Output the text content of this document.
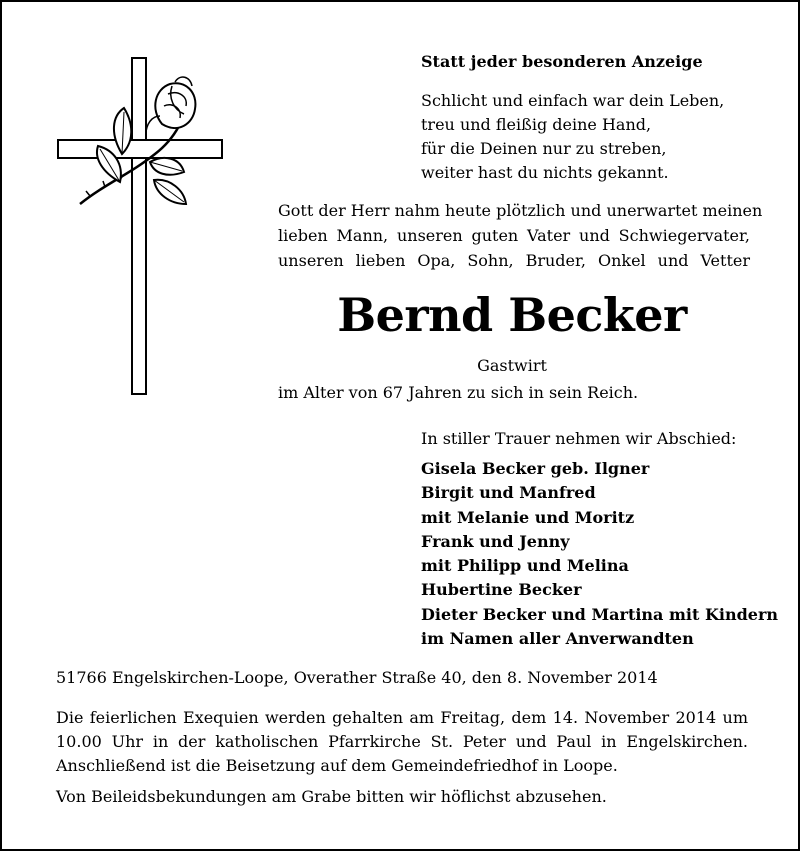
Statt jeder besonderen Anzeige
Schlicht und einfach war dein Leben,
treu und fleißig deine Hand,
für die Deinen nur zu streben,
weiter hast du nichts gekannt.
Gott der Herr nahm heute plötzlich und unerwartet meinen
lieben Mann, unseren guten Vater und Schwiegervater,
unseren lieben Opa, Sohn, Bruder, Onkel und Vetter
Bernd Becker
Gastwirt
im Alter von 67 Jahren zu sich in sein Reich.
In stiller Trauer nehmen wir Abschied:
Gisela Becker geb. Ilgner
Birgit und Manfred
mit Melanie und Moritz
Frank und Jenny
mit Philipp und Melina
Hubertine Becker
Dieter Becker und Martina mit Kindern
im Namen aller Anverwandten
51766 Engelskirchen-Loope, Overather Straße 40, den 8. November 2014
Die feierlichen Exequien werden gehalten am Freitag, dem 14. November 2014 um
10.00 Uhr in der katholischen Pfarrkirche St. Peter und Paul in Engelskirchen.
Anschließend ist die Beisetzung auf dem Gemeindefriedhof in Loope.
Von Beileidsbekundungen am Grabe bitten wir höflichst abzusehen.
